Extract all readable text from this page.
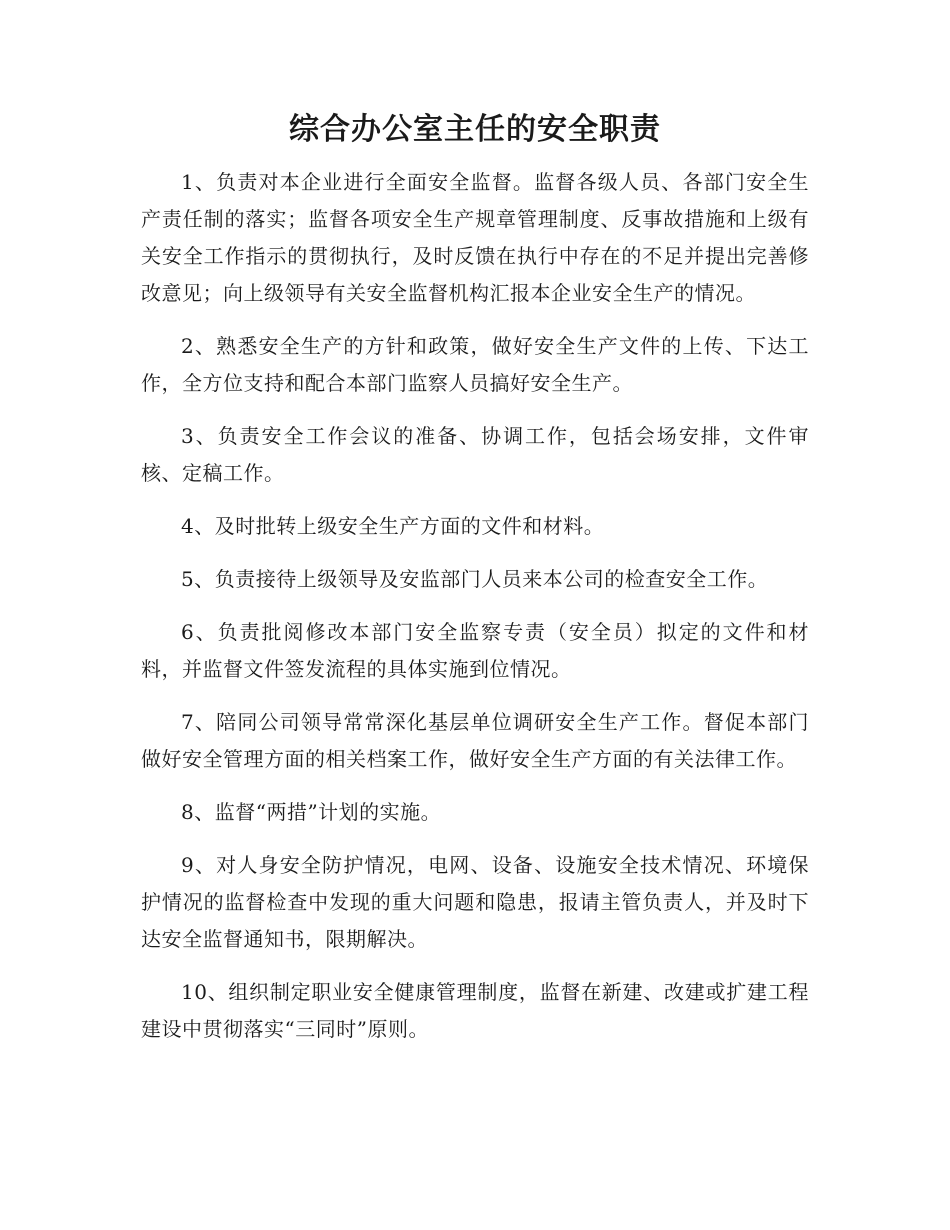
综合办公室主任的安全职责

1、负责对本企业进行全面安全监督。监督各级人员、各部门安全生产责任制的落实；监督各项安全生产规章管理制度、反事故措施和上级有关安全工作指示的贯彻执行，及时反馈在执行中存在的不足并提出完善修改意见；向上级领导有关安全监督机构汇报本企业安全生产的情况。

2、熟悉安全生产的方针和政策，做好安全生产文件的上传、下达工作，全方位支持和配合本部门监察人员搞好安全生产。

3、负责安全工作会议的准备、协调工作，包括会场安排，文件审核、定稿工作。

4、及时批转上级安全生产方面的文件和材料。

5、负责接待上级领导及安监部门人员来本公司的检查安全工作。

6、负责批阅修改本部门安全监察专责（安全员）拟定的文件和材料，并监督文件签发流程的具体实施到位情况。

7、陪同公司领导常常深化基层单位调研安全生产工作。督促本部门做好安全管理方面的相关档案工作，做好安全生产方面的有关法律工作。

8、监督“两措”计划的实施。

9、对人身安全防护情况，电网、设备、设施安全技术情况、环境保护情况的监督检查中发现的重大问题和隐患，报请主管负责人，并及时下达安全监督通知书，限期解决。

10、组织制定职业安全健康管理制度，监督在新建、改建或扩建工程建设中贯彻落实“三同时”原则。
